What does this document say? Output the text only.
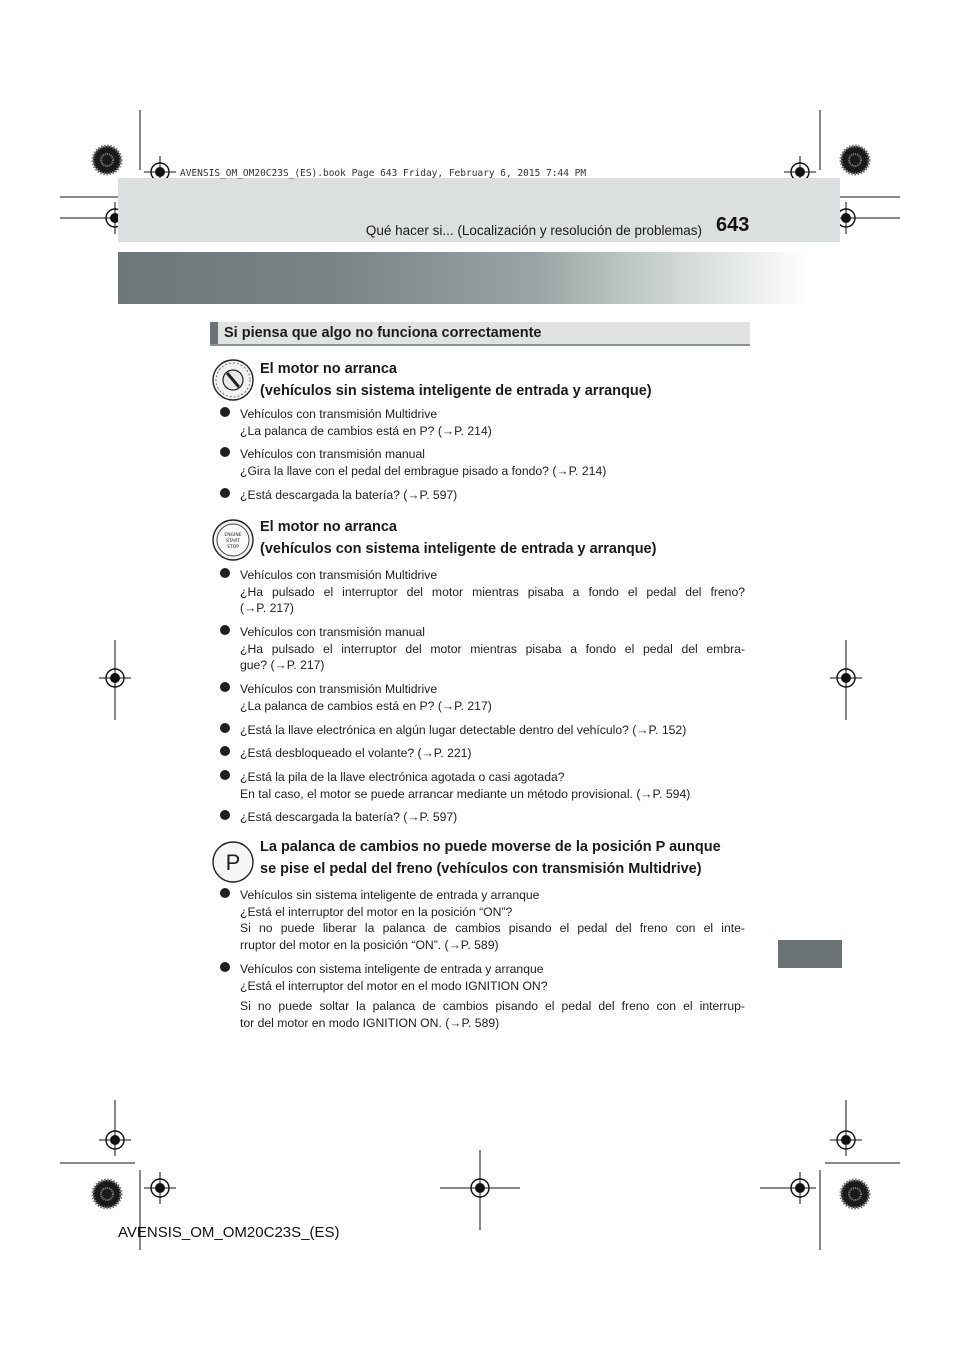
AVENSIS_OM_OM20C23S_(ES).book Page 643 Friday, February 6, 2015 7:44 PM
Qué hacer si... (Localización y resolución de problemas) 643
Si piensa que algo no funciona correctamente
El motor no arranca
(vehículos sin sistema inteligente de entrada y arranque)
Vehículos con transmisión Multidrive
¿La palanca de cambios está en P? (→P. 214)
Vehículos con transmisión manual
¿Gira la llave con el pedal del embrague pisado a fondo? (→P. 214)
¿Está descargada la batería? (→P. 597)
ENGINE
START
STOP
El motor no arranca
(vehículos con sistema inteligente de entrada y arranque)
Vehículos con transmisión Multidrive
¿Ha pulsado el interruptor del motor mientras pisaba a fondo el pedal del freno?
(→P. 217)
Vehículos con transmisión manual
¿Ha pulsado el interruptor del motor mientras pisaba a fondo el pedal del embra-
gue? (→P. 217)
Vehículos con transmisión Multidrive
¿La palanca de cambios está en P? (→P. 217)
¿Está la llave electrónica en algún lugar detectable dentro del vehículo? (→P. 152)
¿Está desbloqueado el volante? (→P. 221)
¿Está la pila de la llave electrónica agotada o casi agotada?
En tal caso, el motor se puede arrancar mediante un método provisional. (→P. 594)
¿Está descargada la batería? (→P. 597)
P
La palanca de cambios no puede moverse de la posición P aunque
se pise el pedal del freno (vehículos con transmisión Multidrive)
Vehículos sin sistema inteligente de entrada y arranque
¿Está el interruptor del motor en la posición “ON”?
Si no puede liberar la palanca de cambios pisando el pedal del freno con el inte-
rruptor del motor en la posición “ON”. (→P. 589)
Vehículos con sistema inteligente de entrada y arranque
¿Está el interruptor del motor en el modo IGNITION ON?
Si no puede soltar la palanca de cambios pisando el pedal del freno con el interrup-
tor del motor en modo IGNITION ON. (→P. 589)
AVENSIS_OM_OM20C23S_(ES)
